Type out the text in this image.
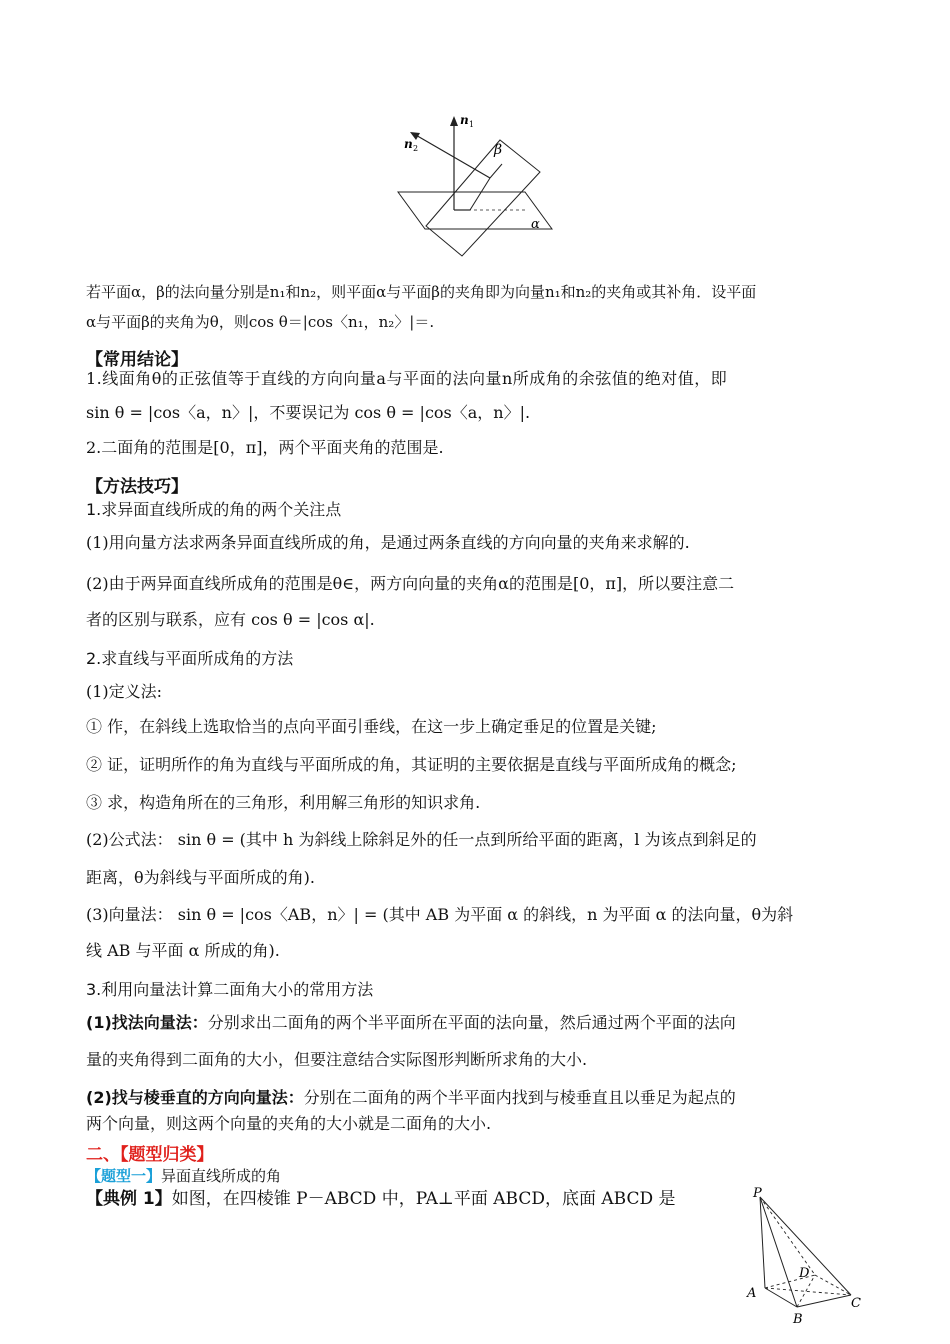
n 1
n 2	β
α
若平面α，β的法向量分别是n₁和n₂，则平面α与平面β的夹角即为向量n₁和n₂的夹角或其补角．设平面
α与平面β的夹角为θ，则cos θ＝|cos〈n₁，n₂〉|＝.
【常用结论】
1.线面角θ的正弦值等于直线的方向向量a与平面的法向量n所成角的余弦值的绝对值，即
sin θ = |cos〈a，n〉|，不要误记为 cos θ = |cos〈a，n〉|.
2.二面角的范围是[0，π]，两个平面夹角的范围是.
【方法技巧】
1.求异面直线所成的角的两个关注点
(1)用向量方法求两条异面直线所成的角，是通过两条直线的方向向量的夹角来求解的.
(2)由于两异面直线所成角的范围是θ∈，两方向向量的夹角α的范围是[0，π]，所以要注意二
者的区别与联系，应有 cos θ = |cos α|.
2.求直线与平面所成角的方法
(1)定义法:
① 作，在斜线上选取恰当的点向平面引垂线，在这一步上确定垂足的位置是关键;
② 证，证明所作的角为直线与平面所成的角，其证明的主要依据是直线与平面所成角的概念;
③ 求，构造角所在的三角形，利用解三角形的知识求角.
(2)公式法： sin θ = (其中 h 为斜线上除斜足外的任一点到所给平面的距离，l 为该点到斜足的
距离，θ为斜线与平面所成的角).
(3)向量法： sin θ = |cos〈AB，n〉| = (其中 AB 为平面 α 的斜线，n 为平面 α 的法向量，θ为斜
线 AB 与平面 α 所成的角).
3.利用向量法计算二面角大小的常用方法
(1)找法向量法：分别求出二面角的两个半平面所在平面的法向量，然后通过两个平面的法向
量的夹角得到二面角的大小，但要注意结合实际图形判断所求角的大小.
(2)找与棱垂直的方向向量法：分别在二面角的两个半平面内找到与棱垂直且以垂足为起点的
两个向量，则这两个向量的夹角的大小就是二面角的大小.
二、【题型归类】
【题型一】异面直线所成的角
【典例 1】如图，在四棱锥 P－ABCD 中，PA⊥平面 ABCD，底面 ABCD 是	P
A
B
C
D
